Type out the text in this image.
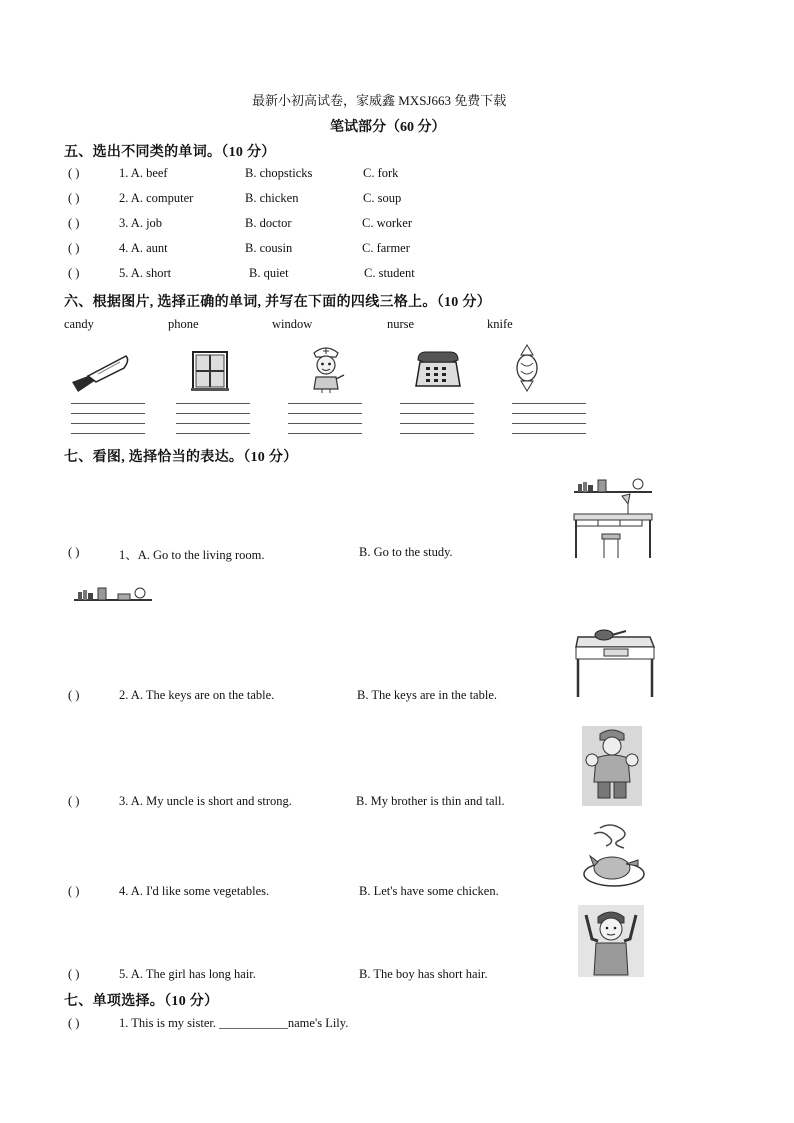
最新小初高试卷，家威鑫 MXSJ663 免费下载
笔试部分（60 分）
五、选出不同类的单词。（10 分）
( )	1. A. beef	B. chopsticks	C. fork
( )	2. A. computer	B. chicken	C. soup
( )	3. A. job	B. doctor	C. worker
( )	4. A. aunt	B. cousin	C. farmer
( )	5. A. short	B. quiet	C. student
六、根据图片, 选择正确的单词, 并写在下面的四线三格上。（10 分）
candy	phone	window	nurse	knife
七、看图, 选择恰当的表达。（10 分）
( )	1、A. Go to the living room.	B. Go to the study.
( )	2. A. The keys are on the table.	B. The keys are in the table.
( )	3. A. My uncle is short and strong.	B. My brother is thin and tall.
( )	4. A. I'd like some vegetables.	B. Let's have some chicken.
( )	5. A. The girl has long hair.	B. The boy has short hair.
七、单项选择。（10 分）
( )	1. This is my sister. ___________name's Lily.
